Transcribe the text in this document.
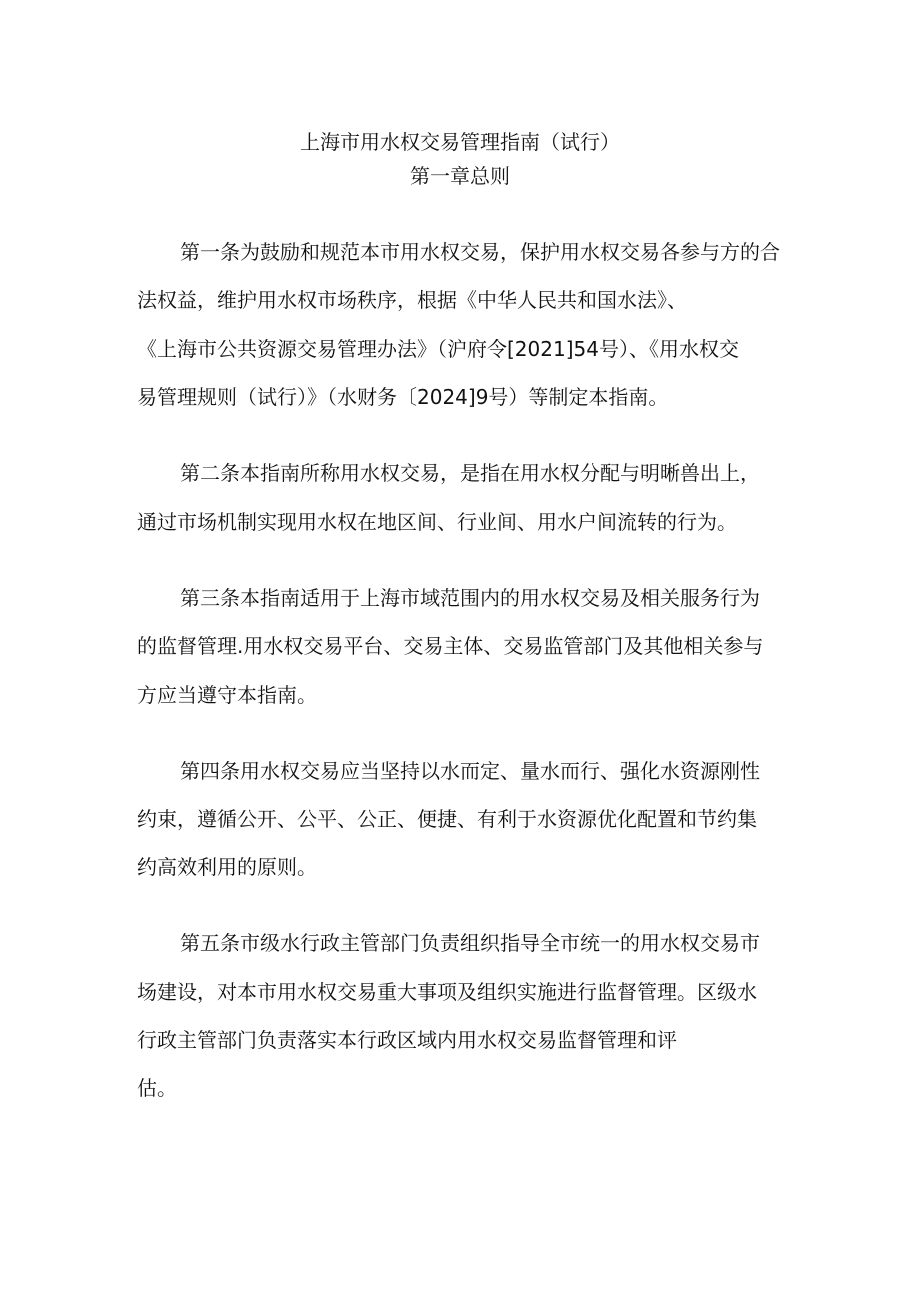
上海市用水权交易管理指南（试行）
第一章总则

第一条为鼓励和规范本市用水权交易，保护用水权交易各参与方的合

法权益，维护用水权市场秩序，根据《中华人民共和国水法》、

《上海市公共资源交易管理办法》（沪府令[2021]54号）、《用水权交

易管理规则（试行）》（水财务〔2024]9号）等制定本指南。

第二条本指南所称用水权交易，是指在用水权分配与明晰兽出上，

通过市场机制实现用水权在地区间、行业间、用水户间流转的行为。

第三条本指南适用于上海市域范围内的用水权交易及相关服务行为

的监督管理.用水权交易平台、交易主体、交易监管部门及其他相关参与

方应当遵守本指南。

第四条用水权交易应当坚持以水而定、量水而行、强化水资源刚性

约束，遵循公开、公平、公正、便捷、有利于水资源优化配置和节约集

约高效利用的原则。

第五条市级水行政主管部门负责组织指导全市统一的用水权交易市

场建设，对本市用水权交易重大事项及组织实施进行监督管理。区级水

行政主管部门负责落实本行政区域内用水权交易监督管理和评

估。
